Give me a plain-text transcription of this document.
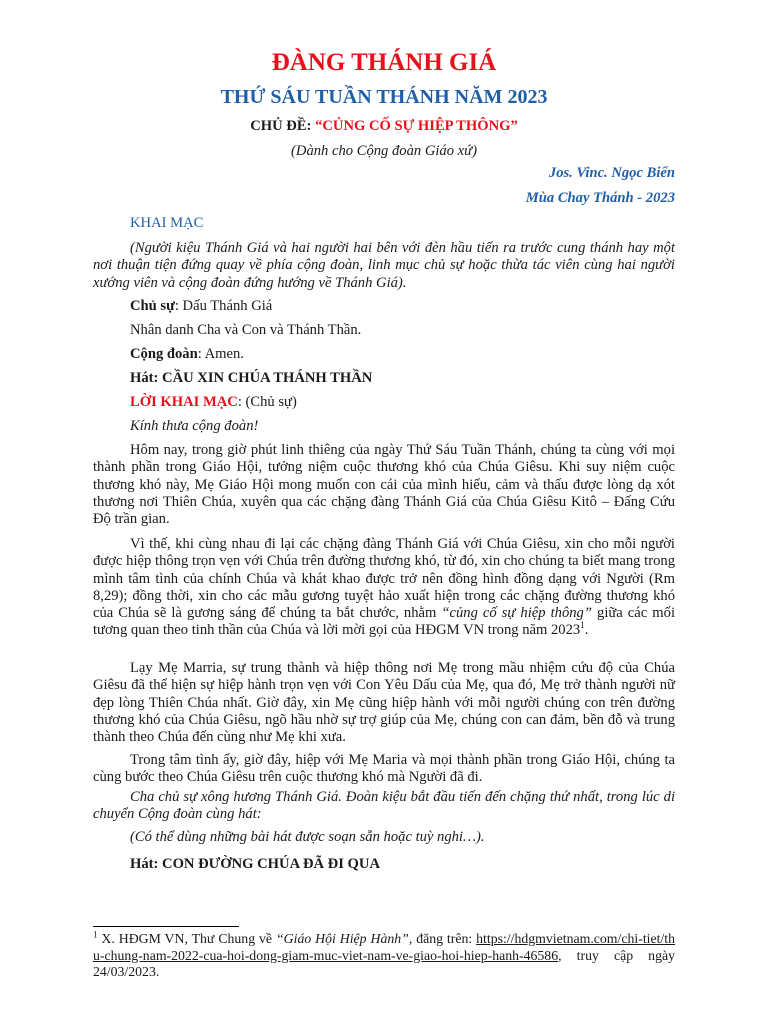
ĐÀNG THÁNH GIÁ
THỨ SÁU TUẦN THÁNH NĂM 2023
CHỦ ĐỀ: “CỦNG CỐ SỰ HIỆP THÔNG”
(Dành cho Cộng đoàn Giáo xứ)
Jos. Vinc. Ngọc Biển
Mùa Chay Thánh - 2023
KHAI MẠC
(Người kiệu Thánh Giá và hai người hai bên với đèn hầu tiến ra trước cung thánh hay một nơi thuận tiện đứng quay về phía cộng đoàn, linh mục chủ sự hoặc thừa tác viên cùng hai người xướng viên và cộng đoàn đứng hướng về Thánh Giá).
Chủ sự: Dấu Thánh Giá
Nhân danh Cha và Con và Thánh Thần.
Cộng đoàn: Amen.
Hát: CẦU XIN CHÚA THÁNH THẦN
LỜI KHAI MẠC: (Chủ sự)
Kính thưa cộng đoàn!
Hôm nay, trong giờ phút linh thiêng của ngày Thứ Sáu Tuần Thánh, chúng ta cùng với mọi thành phần trong Giáo Hội, tưởng niệm cuộc thương khó của Chúa Giêsu. Khi suy niệm cuộc thương khó này, Mẹ Giáo Hội mong muốn con cái của mình hiểu, cảm và thấu được lòng dạ xót thương nơi Thiên Chúa, xuyên qua các chặng đàng Thánh Giá của Chúa Giêsu Kitô – Đấng Cứu Độ trần gian.
Vì thế, khi cùng nhau đi lại các chặng đàng Thánh Giá với Chúa Giêsu, xin cho mỗi người được hiệp thông trọn vẹn với Chúa trên đường thương khó, từ đó, xin cho chúng ta biết mang trong mình tâm tình của chính Chúa và khát khao được trở nên đồng hình đồng dạng với Người (Rm 8,29); đồng thời, xin cho các mẫu gương tuyệt hảo xuất hiện trong các chặng đường thương khó của Chúa sẽ là gương sáng để chúng ta bắt chước, nhằm “củng cố sự hiệp thông” giữa các mối tương quan theo tinh thần của Chúa và lời mời gọi của HĐGM VN trong năm 2023$^1$.
Lạy Mẹ Marria, sự trung thành và hiệp thông nơi Mẹ trong mầu nhiệm cứu độ của Chúa Giêsu đã thể hiện sự hiệp hành trọn vẹn với Con Yêu Dấu của Mẹ, qua đó, Mẹ trở thành người nữ đẹp lòng Thiên Chúa nhất. Giờ đây, xin Mẹ cũng hiệp hành với mỗi người chúng con trên đường thương khó của Chúa Giêsu, ngõ hầu nhờ sự trợ giúp của Mẹ, chúng con can đảm, bền đỗ và trung thành theo Chúa đến cùng như Mẹ khi xưa.
Trong tâm tình ấy, giờ đây, hiệp với Mẹ Maria và mọi thành phần trong Giáo Hội, chúng ta cùng bước theo Chúa Giêsu trên cuộc thương khó mà Người đã đi.
Cha chủ sự xông hương Thánh Giá. Đoàn kiệu bắt đầu tiến đến chặng thứ nhất, trong lúc di chuyển Cộng đoàn cùng hát:
(Có thể dùng những bài hát được soạn sẵn hoặc tuỳ nghi…).
Hát: CON ĐƯỜNG CHÚA ĐÃ ĐI QUA
$^1$ X. HĐGM VN, Thư Chung về “Giáo Hội Hiệp Hành”, đăng trên: https://hdgmvietnam.com/chi-tiet/thu-chung-nam-2022-cua-hoi-dong-giam-muc-viet-nam-ve-giao-hoi-hiep-hanh-46586, truy cập ngày 24/03/2023.
